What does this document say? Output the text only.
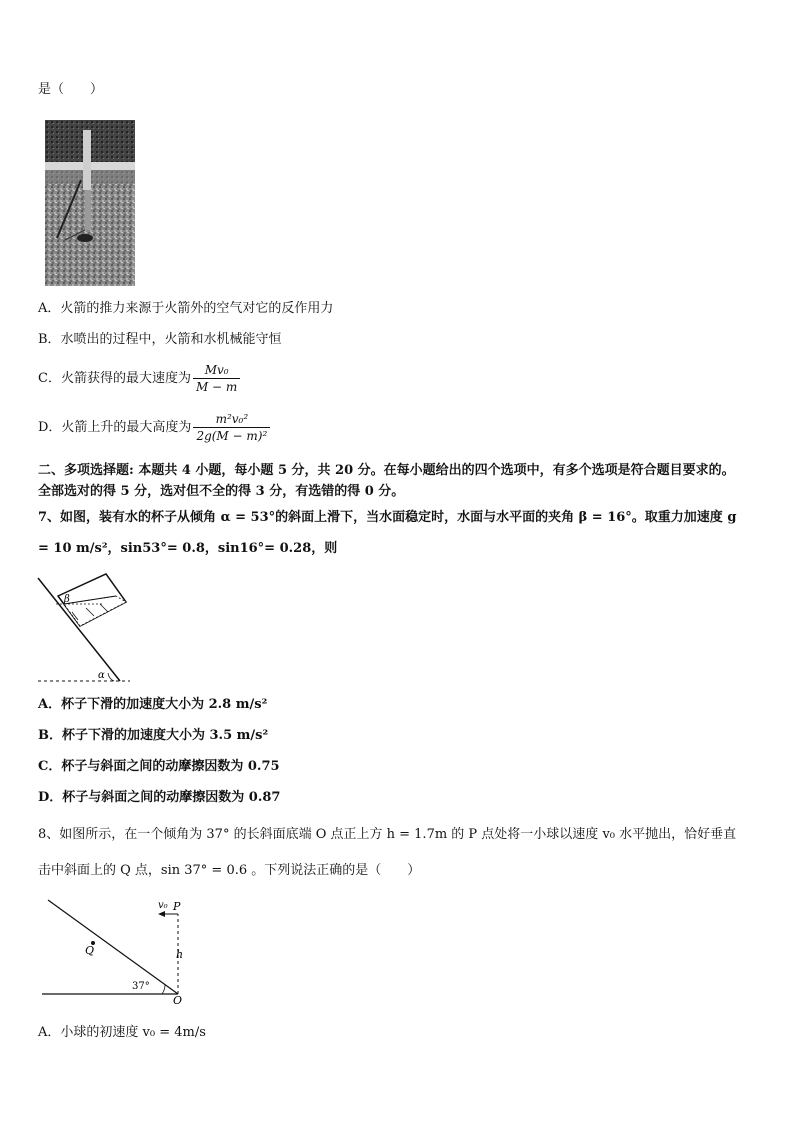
是（　　）
A．火箭的推力来源于火箭外的空气对它的反作用力
B．水喷出的过程中，火箭和水机械能守恒
C．火箭获得的最大速度为 $\frac{\text{Mv₀}}{M - m}$
D．火箭上升的最大高度为 $\frac{\text{m²v₀²}}{\text{2g(M − m)²}}$
二、多项选择题: 本题共 4 小题，每小题 5 分，共 20 分。在每小题给出的四个选项中，有多个选项是符合题目要求的。
全部选对的得 5 分，选对但不全的得 3 分，有选错的得 0 分。
7、如图，装有水的杯子从倾角 α = 53°的斜面上滑下，当水面稳定时，水面与水平面的夹角 β = 16°。取重力加速度 g
= 10 m/s²，sin53°= 0.8，sin16°= 0.28，则
β
α
A．杯子下滑的加速度大小为 2.8 m/s²
B．杯子下滑的加速度大小为 3.5 m/s²
C．杯子与斜面之间的动摩擦因数为 0.75
D．杯子与斜面之间的动摩擦因数为 0.87
8、如图所示，在一个倾角为 37° 的长斜面底端 O 点正上方 h = 1.7m 的 P 点处将一小球以速度 v₀ 水平抛出，恰好垂直
击中斜面上的 Q 点，sin 37° = 0.6 。下列说法正确的是（　　）
v₀ P
h
Q
37°
O
A．小球的初速度 v₀ = 4m/s
